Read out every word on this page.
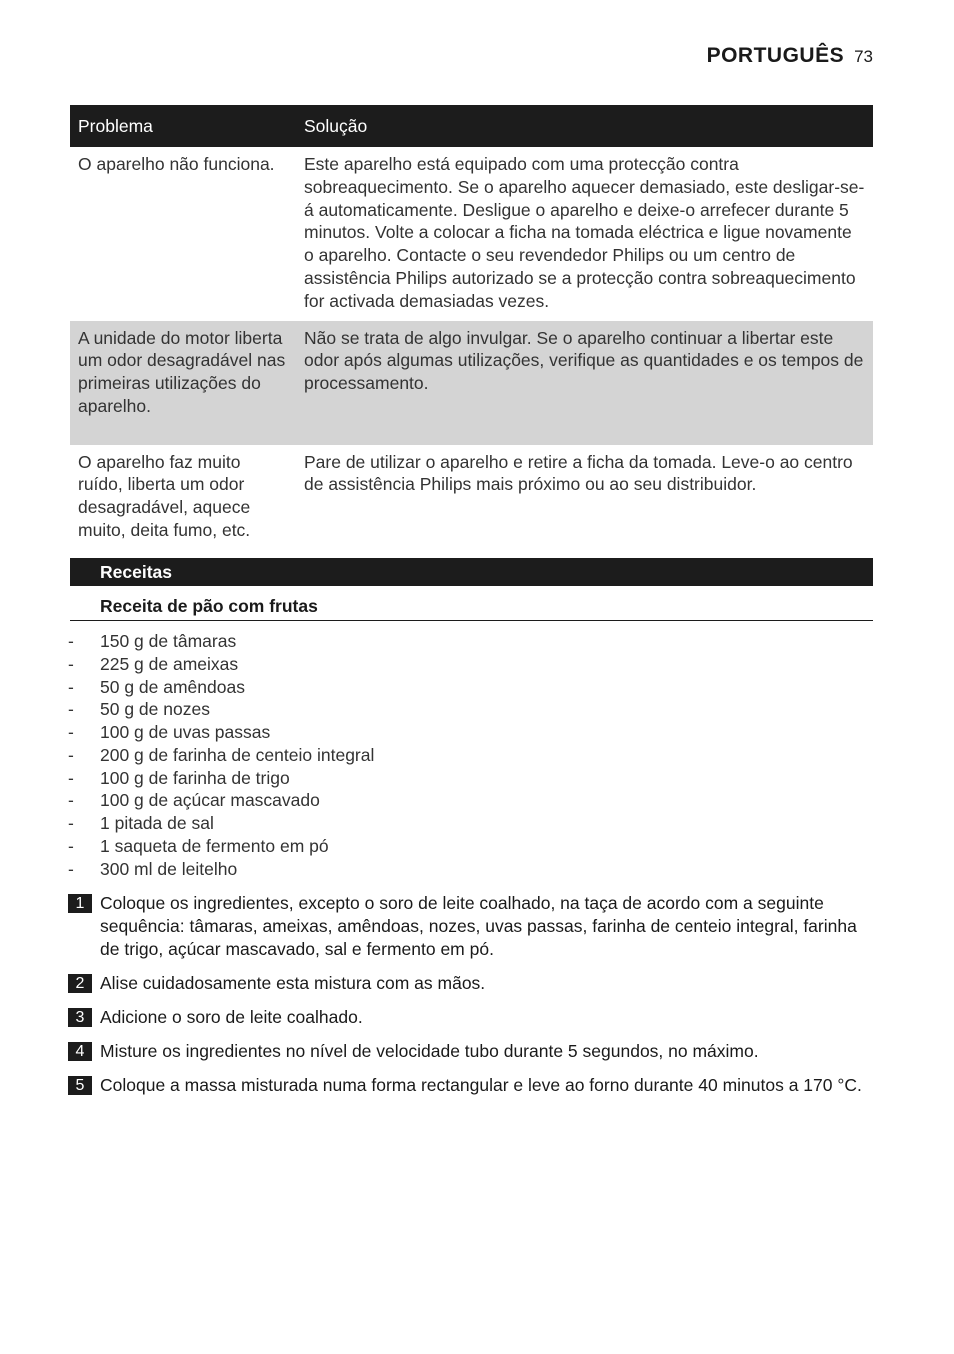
PORTUGUÊS 73
Problema	Solução
O aparelho não funciona.	Este aparelho está equipado com uma protecção contra sobreaquecimento. Se o aparelho aquecer demasiado, este desligar-se-á automaticamente. Desligue o aparelho e deixe-o arrefecer durante 5 minutos. Volte a colocar a ficha na tomada eléctrica e ligue novamente o aparelho. Contacte o seu revendedor Philips ou um centro de assistência Philips autorizado se a protecção contra sobreaquecimento for activada demasiadas vezes.
A unidade do motor liberta um odor desagradável nas primeiras utilizações do aparelho.	Não se trata de algo invulgar. Se o aparelho continuar a libertar este odor após algumas utilizações, verifique as quantidades e os tempos de processamento.
O aparelho faz muito ruído, liberta um odor desagradável, aquece muito, deita fumo, etc.	Pare de utilizar o aparelho e retire a ficha da tomada. Leve-o ao centro de assistência Philips mais próximo ou ao seu distribuidor.
Receitas
Receita de pão com frutas
- 150 g de tâmaras
- 225 g de ameixas
- 50 g de amêndoas
- 50 g de nozes
- 100 g de uvas passas
- 200 g de farinha de centeio integral
- 100 g de farinha de trigo
- 100 g de açúcar mascavado
- 1 pitada de sal
- 1 saqueta de fermento em pó
- 300 ml de leitelho
1 Coloque os ingredientes, excepto o soro de leite coalhado, na taça de acordo com a seguinte sequência: tâmaras, ameixas, amêndoas, nozes, uvas passas, farinha de centeio integral, farinha de trigo, açúcar mascavado, sal e fermento em pó.
2 Alise cuidadosamente esta mistura com as mãos.
3 Adicione o soro de leite coalhado.
4 Misture os ingredientes no nível de velocidade tubo durante 5 segundos, no máximo.
5 Coloque a massa misturada numa forma rectangular e leve ao forno durante 40 minutos a 170 °C.
